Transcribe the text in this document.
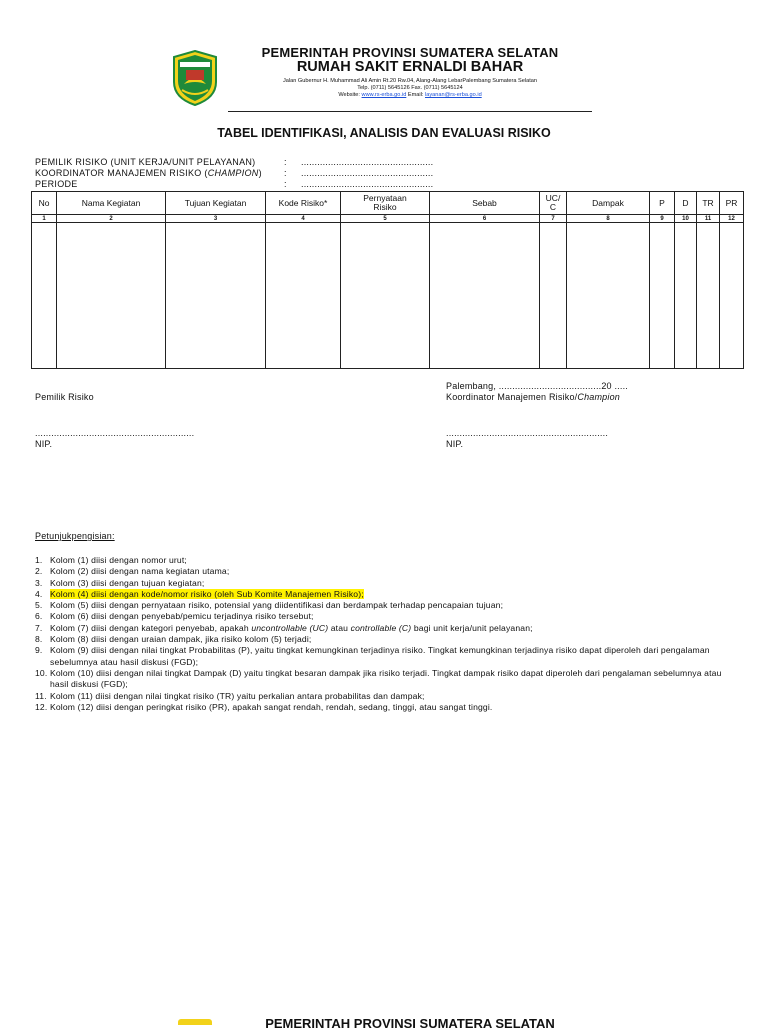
PEMERINTAH PROVINSI SUMATERA SELATAN
RUMAH SAKIT ERNALDI BAHAR
Jalan Gubernur H. Muhammad Ali Amin Rt.20 Rw.04, Alang-Alang LebarPalembang Sumatera Selatan
Telp. (0711) 5645126 Fax. (0711) 5645124
Website: www.rs-erba.go.id Email: layanan@rs-erba.go.id
TABEL IDENTIFIKASI, ANALISIS DAN EVALUASI RISIKO
PEMILIK RISIKO (UNIT KERJA/UNIT PELAYANAN)	: .................................................
KOORDINATOR MANAJEMEN RISIKO (CHAMPION) : .................................................
PERIODE	: .................................................
No	Nama Kegiatan	Tujuan Kegiatan	Kode Risiko*	Pernyataan Risiko	Sebab	UC/ C	Dampak	P	D	TR	PR
1	2	3	4	5	6	7	8	9	10	11	12

Palembang, ......................................20 .....
Pemilik Risiko	Koordinator Manajemen Risiko/Champion
...........................................................	............................................................
NIP.	NIP.
Petunjukpengisian:
1. Kolom (1) diisi dengan nomor urut;
2. Kolom (2) diisi dengan nama kegiatan utama;
3. Kolom (3) diisi dengan tujuan kegiatan;
4. Kolom (4) diisi dengan kode/nomor risiko (oleh Sub Komite Manajemen Risiko);
5. Kolom (5) diisi dengan pernyataan risiko, potensial yang diidentifikasi dan berdampak terhadap pencapaian tujuan;
6. Kolom (6) diisi dengan penyebab/pemicu terjadinya risiko tersebut;
7. Kolom (7) diisi dengan kategori penyebab, apakah uncontrollable (UC) atau controllable (C) bagi unit kerja/unit pelayanan;
8. Kolom (8) diisi dengan uraian dampak, jika risiko kolom (5) terjadi;
9. Kolom (9) diisi dengan nilai tingkat Probabilitas (P), yaitu tingkat kemungkinan terjadinya risiko. Tingkat kemungkinan terjadinya risiko dapat diperoleh dari pengalaman sebelumnya atau hasil diskusi (FGD);
10. Kolom (10) diisi dengan nilai tingkat Dampak (D) yaitu tingkat besaran dampak jika risiko terjadi. Tingkat dampak risiko dapat diperoleh dari pengalaman sebelumnya atau hasil diskusi (FGD);
11. Kolom (11) diisi dengan nilai tingkat risiko (TR) yaitu perkalian antara probabilitas dan dampak;
12. Kolom (12) diisi dengan peringkat risiko (PR), apakah sangat rendah, rendah, sedang, tinggi, atau sangat tinggi.
PEMERINTAH PROVINSI SUMATERA SELATAN
